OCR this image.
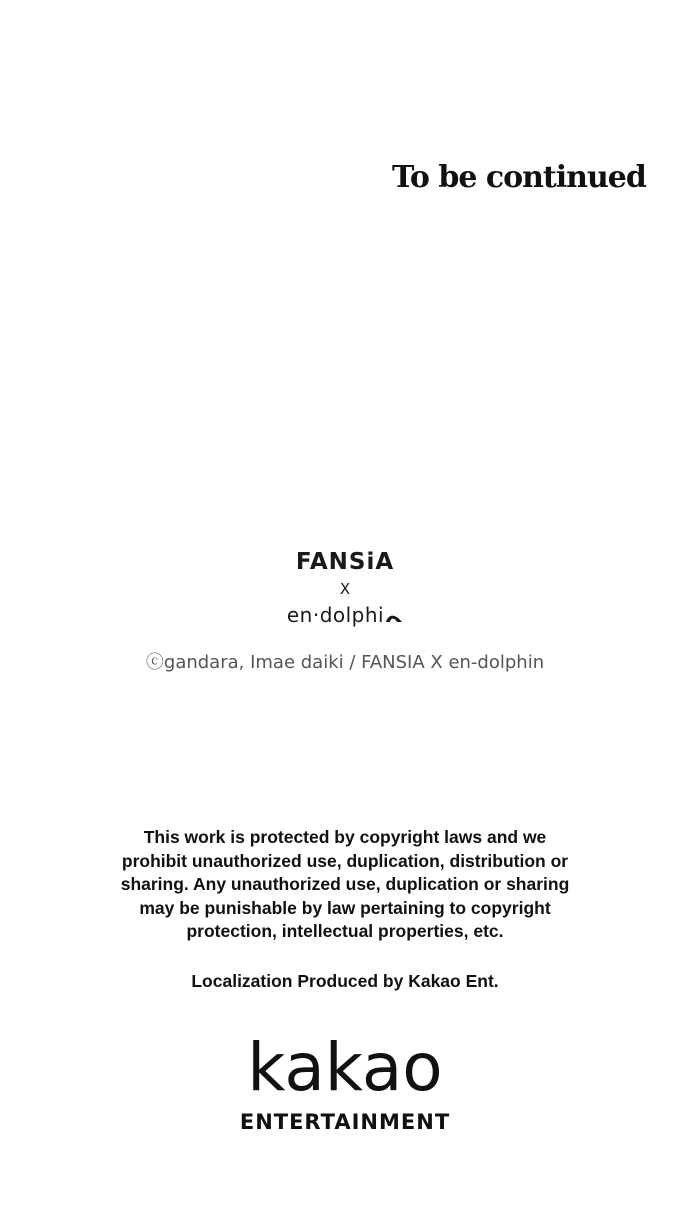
To be continued
FANSiA
X
en·dolphi
ⓒgandara, Imae daiki / FANSIA X en-dolphin
This work is protected by copyright laws and we
prohibit unauthorized use, duplication, distribution or
sharing. Any unauthorized use, duplication or sharing
may be punishable by law pertaining to copyright
protection, intellectual properties, etc.
Localization Produced by Kakao Ent.
kakao
ENTERTAINMENT
